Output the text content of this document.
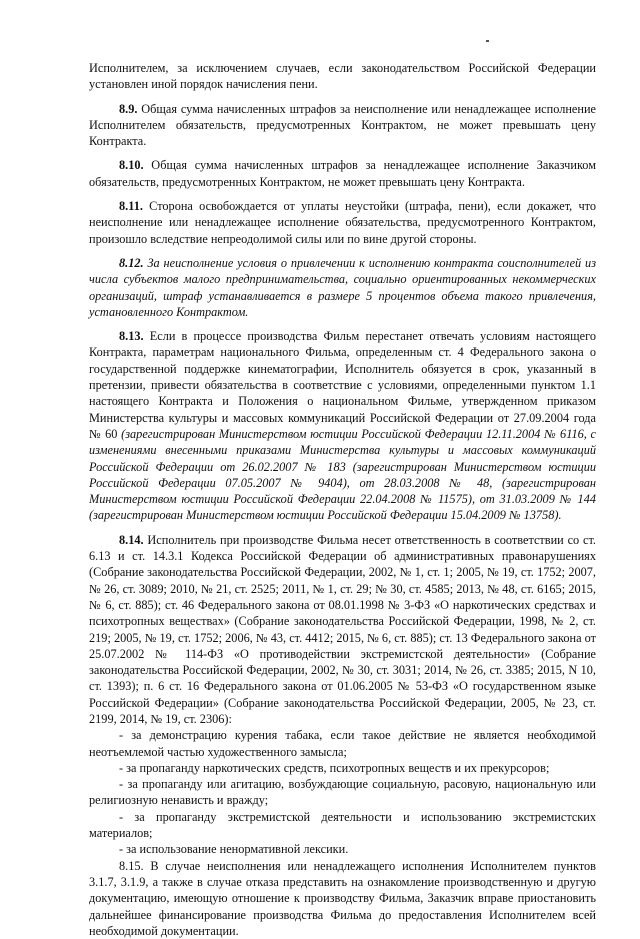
Исполнителем, за исключением случаев, если законодательством Российской Федерации установлен иной порядок начисления пени.

8.9. Общая сумма начисленных штрафов за неисполнение или ненадлежащее исполнение Исполнителем обязательств, предусмотренных Контрактом, не может превышать цену Контракта.

8.10. Общая сумма начисленных штрафов за ненадлежащее исполнение Заказчиком обязательств, предусмотренных Контрактом, не может превышать цену Контракта.

8.11. Сторона освобождается от уплаты неустойки (штрафа, пени), если докажет, что неисполнение или ненадлежащее исполнение обязательства, предусмотренного Контрактом, произошло вследствие непреодолимой силы или по вине другой стороны.

8.12. За неисполнение условия о привлечении к исполнению контракта соисполнителей из числа субъектов малого предпринимательства, социально ориентированных некоммерческих организаций, штраф устанавливается в размере 5 процентов объема такого привлечения, установленного Контрактом.

8.13. Если в процессе производства Фильм перестанет отвечать условиям настоящего Контракта, параметрам национального Фильма, определенным ст. 4 Федерального закона о государственной поддержке кинематографии, Исполнитель обязуется в срок, указанный в претензии, привести обязательства в соответствие с условиями, определенными пунктом 1.1 настоящего Контракта и Положения о национальном Фильме, утвержденном приказом Министерства культуры и массовых коммуникаций Российской Федерации от 27.09.2004 года № 60 (зарегистрирован Министерством юстиции Российской Федерации 12.11.2004 № 6116, с изменениями внесенными приказами Министерства культуры и массовых коммуникаций Российской Федерации от 26.02.2007 № 183 (зарегистрирован Министерством юстиции Российской Федерации 07.05.2007 № 9404), от 28.03.2008 № 48, (зарегистрирован Министерством юстиции Российской Федерации 22.04.2008 № 11575), от 31.03.2009 № 144 (зарегистрирован Министерством юстиции Российской Федерации 15.04.2009 № 13758).

8.14. Исполнитель при производстве Фильма несет ответственность в соответствии со ст. 6.13 и ст. 14.3.1 Кодекса Российской Федерации об административных правонарушениях (Собрание законодательства Российской Федерации, 2002, № 1, ст. 1; 2005, № 19, ст. 1752; 2007, № 26, ст. 3089; 2010, № 21, ст. 2525; 2011, № 1, ст. 29; № 30, ст. 4585; 2013, № 48, ст. 6165; 2015, № 6, ст. 885); ст. 46 Федерального закона от 08.01.1998 № 3-ФЗ «О наркотических средствах и психотропных веществах» (Собрание законодательства Российской Федерации, 1998, № 2, ст. 219; 2005, № 19, ст. 1752; 2006, № 43, ст. 4412; 2015, № 6, ст. 885); ст. 13 Федерального закона от 25.07.2002 № 114-ФЗ «О противодействии экстремистской деятельности» (Собрание законодательства Российской Федерации, 2002, № 30, ст. 3031; 2014, № 26, ст. 3385; 2015, N 10, ст. 1393); п. 6 ст. 16 Федерального закона от 01.06.2005 № 53-ФЗ «О государственном языке Российской Федерации» (Собрание законодательства Российской Федерации, 2005, № 23, ст. 2199, 2014, № 19, ст. 2306):

- за демонстрацию курения табака, если такое действие не является необходимой неотъемлемой частью художественного замысла;

- за пропаганду наркотических средств, психотропных веществ и их прекурсоров;

- за пропаганду или агитацию, возбуждающие социальную, расовую, национальную или религиозную ненависть и вражду;

- за пропаганду экстремистской деятельности и использованию экстремистских материалов;

- за использование ненормативной лексики.

8.15. В случае неисполнения или ненадлежащего исполнения Исполнителем пунктов 3.1.7, 3.1.9, а также в случае отказа представить на ознакомление производственную и другую документацию, имеющую отношение к производству Фильма, Заказчик вправе приостановить дальнейшее финансирование производства Фильма до предоставления Исполнителем всей необходимой документации.
